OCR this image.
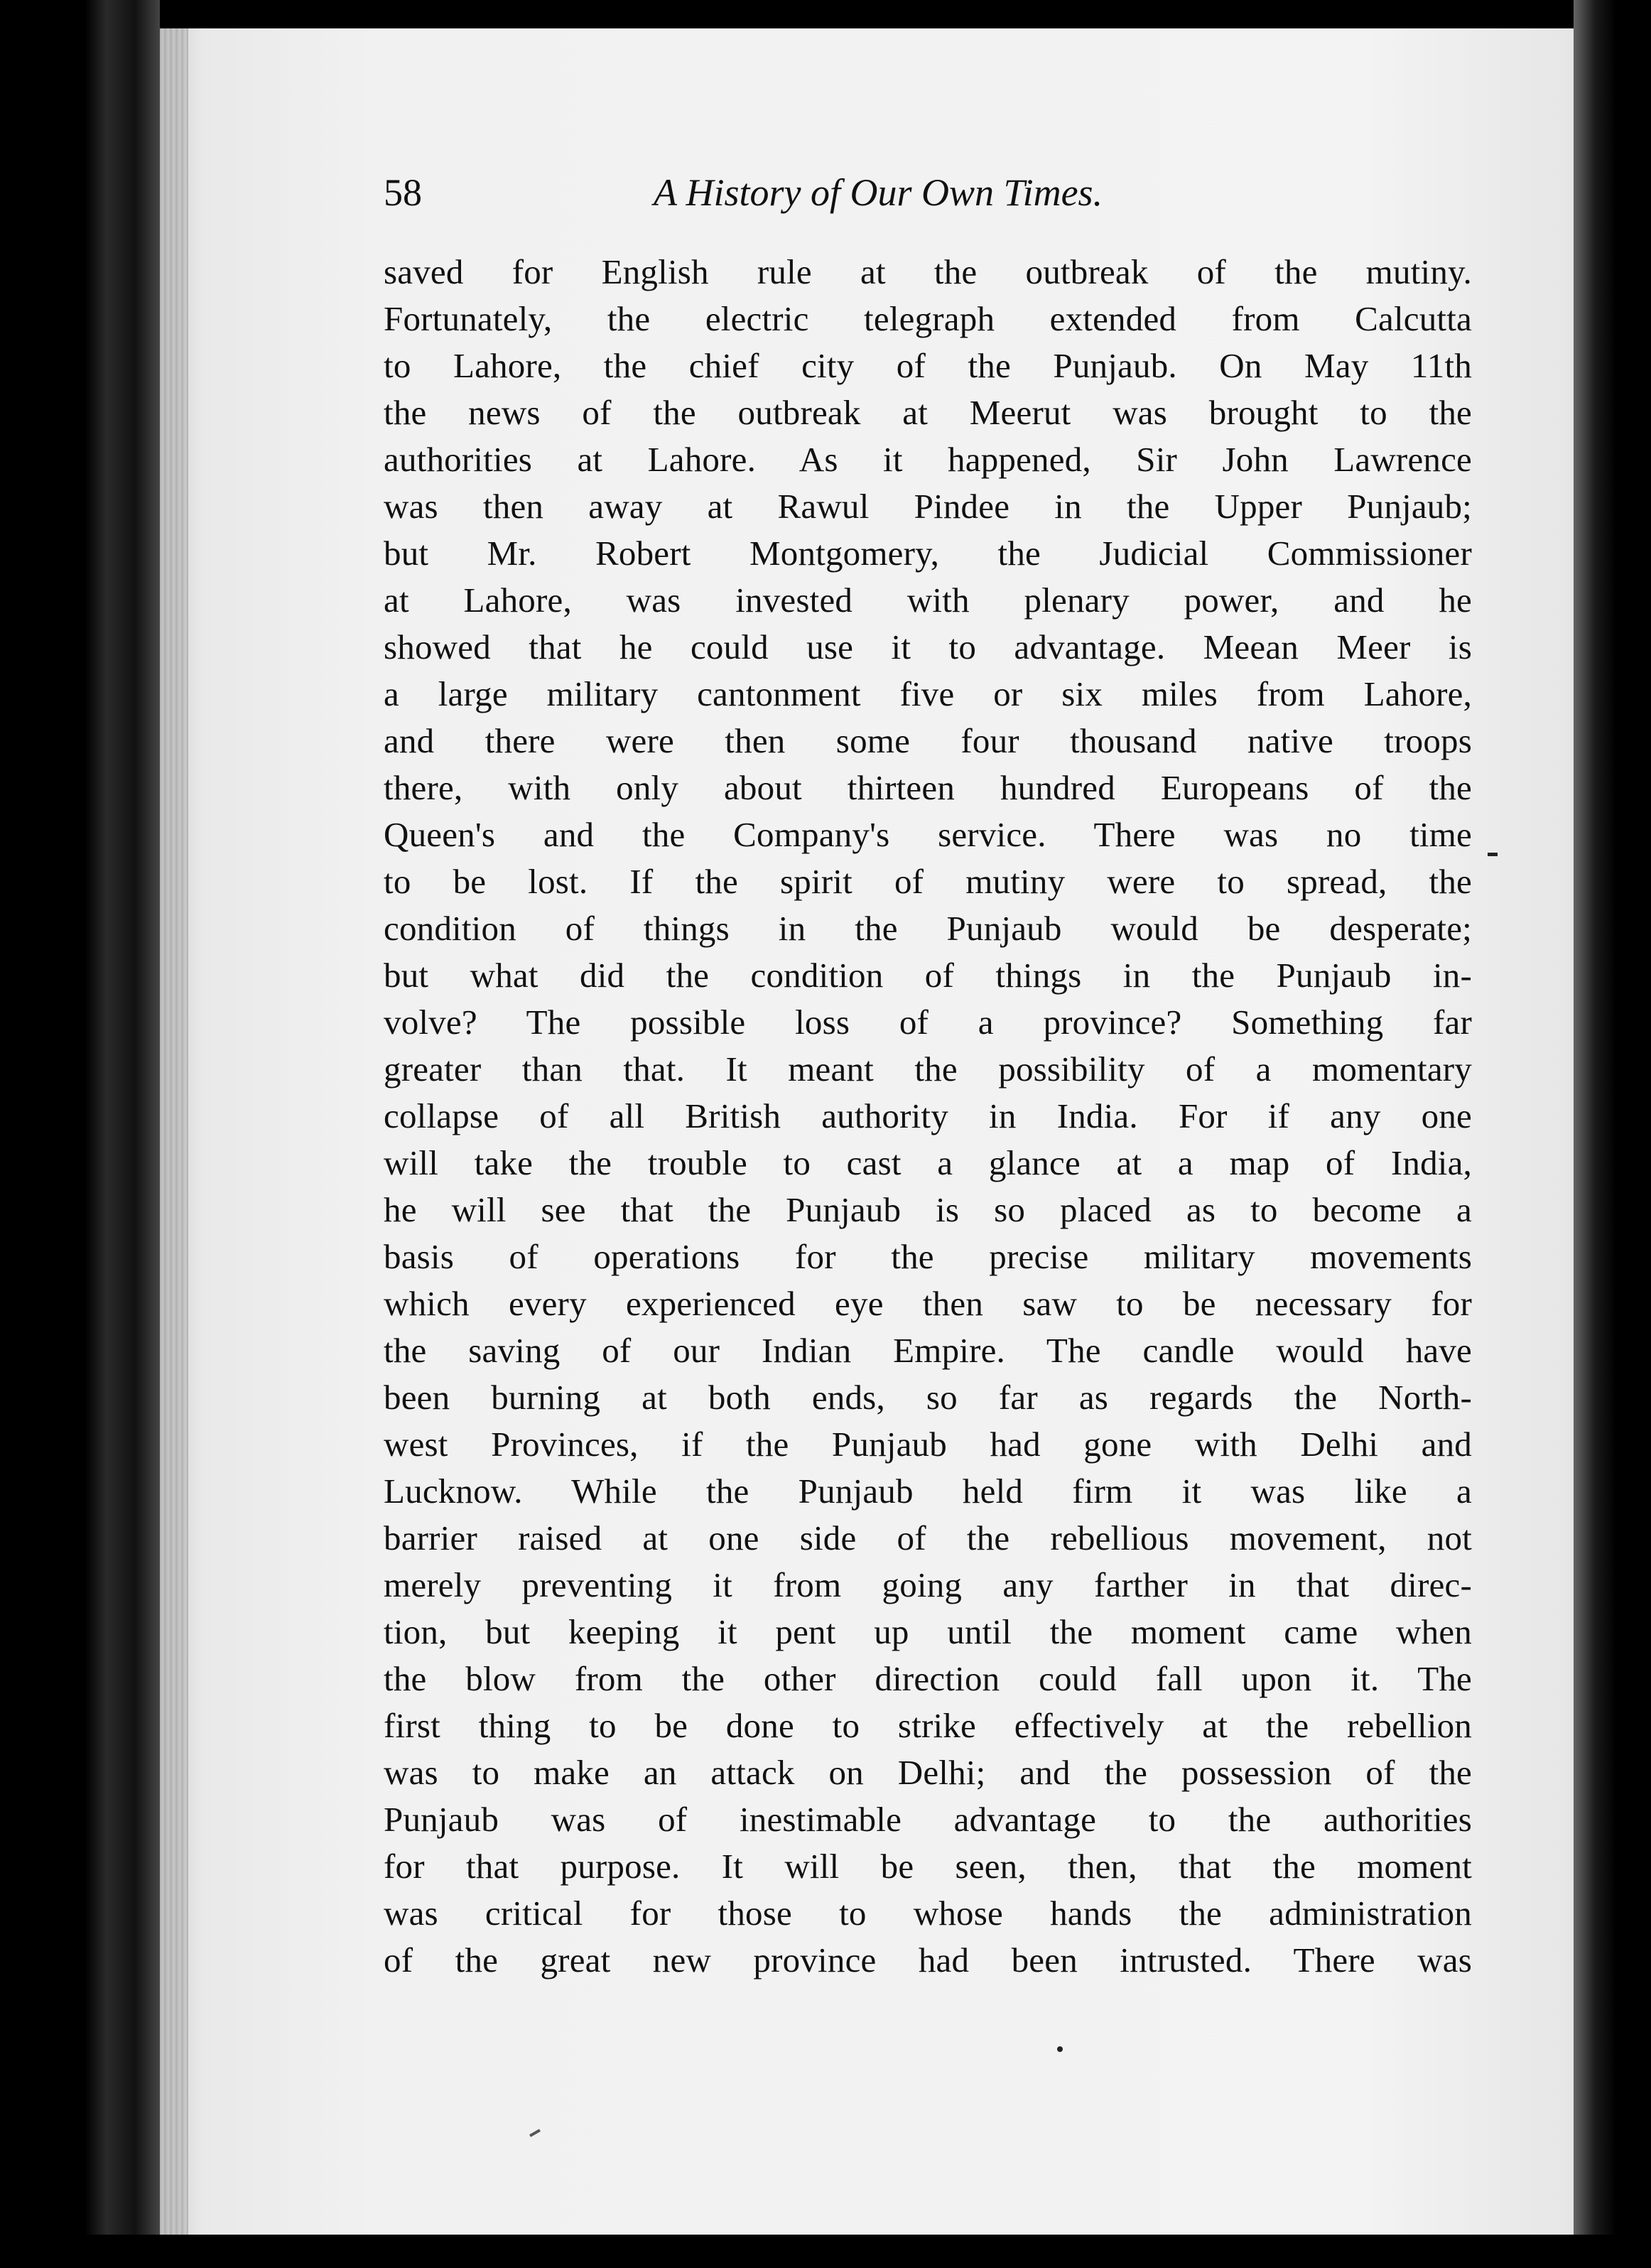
58	A History of Our Own Times.
saved for English rule at the outbreak of the mutiny.
Fortunately, the electric telegraph extended from Calcutta
to Lahore, the chief city of the Punjaub. On May 11th
the news of the outbreak at Meerut was brought to the
authorities at Lahore. As it happened, Sir John Lawrence
was then away at Rawul Pindee in the Upper Punjaub;
but Mr. Robert Montgomery, the Judicial Commissioner
at Lahore, was invested with plenary power, and he
showed that he could use it to advantage. Meean Meer is
a large military cantonment five or six miles from Lahore,
and there were then some four thousand native troops
there, with only about thirteen hundred Europeans of the
Queen's and the Company's service. There was no time
to be lost. If the spirit of mutiny were to spread, the
condition of things in the Punjaub would be desperate;
but what did the condition of things in the Punjaub in-
volve? The possible loss of a province? Something far
greater than that. It meant the possibility of a momentary
collapse of all British authority in India. For if any one
will take the trouble to cast a glance at a map of India,
he will see that the Punjaub is so placed as to become a
basis of operations for the precise military movements
which every experienced eye then saw to be necessary for
the saving of our Indian Empire. The candle would have
been burning at both ends, so far as regards the North-
west Provinces, if the Punjaub had gone with Delhi and
Lucknow. While the Punjaub held firm it was like a
barrier raised at one side of the rebellious movement, not
merely preventing it from going any farther in that direc-
tion, but keeping it pent up until the moment came when
the blow from the other direction could fall upon it. The
first thing to be done to strike effectively at the rebellion
was to make an attack on Delhi; and the possession of the
Punjaub was of inestimable advantage to the authorities
for that purpose. It will be seen, then, that the moment
was critical for those to whose hands the administration
of the great new province had been intrusted. There was
